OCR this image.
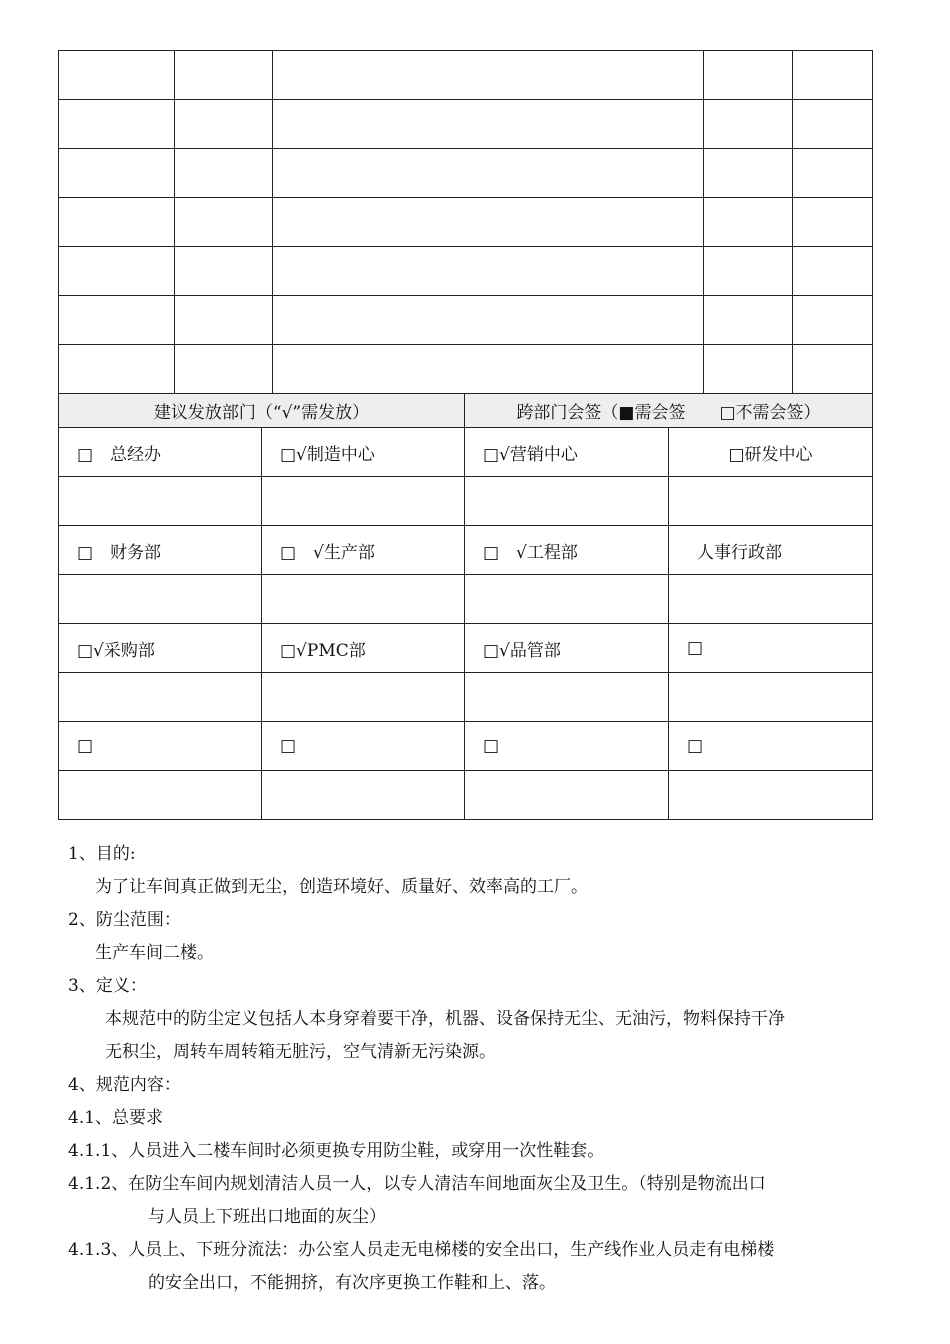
建议发放部门（“√”需发放）		跨部门会签（■需会签　　□不需会签）	
□　总经办	□√制造中心	□√营销中心	□研发中心

□　财务部	□　√生产部	□　√工程部	人事行政部

□√采购部	□√PMC部	□√品管部	□

□	□	□	□

1、目的:
为了让车间真正做到无尘，创造环境好、质量好、效率高的工厂。
2、防尘范围：
生产车间二楼。
3、定义：
本规范中的防尘定义包括人本身穿着要干净，机器、设备保持无尘、无油污，物料保持干净
无积尘，周转车周转箱无脏污，空气清新无污染源。
4、规范内容：
4.1、总要求
4.1.1、人员进入二楼车间时必须更换专用防尘鞋，或穿用一次性鞋套。
4.1.2、在防尘车间内规划清洁人员一人，以专人清洁车间地面灰尘及卫生。（特别是物流出口
与人员上下班出口地面的灰尘）
4.1.3、人员上、下班分流法：办公室人员走无电梯楼的安全出口，生产线作业人员走有电梯楼
的安全出口，不能拥挤，有次序更换工作鞋和上、落。
